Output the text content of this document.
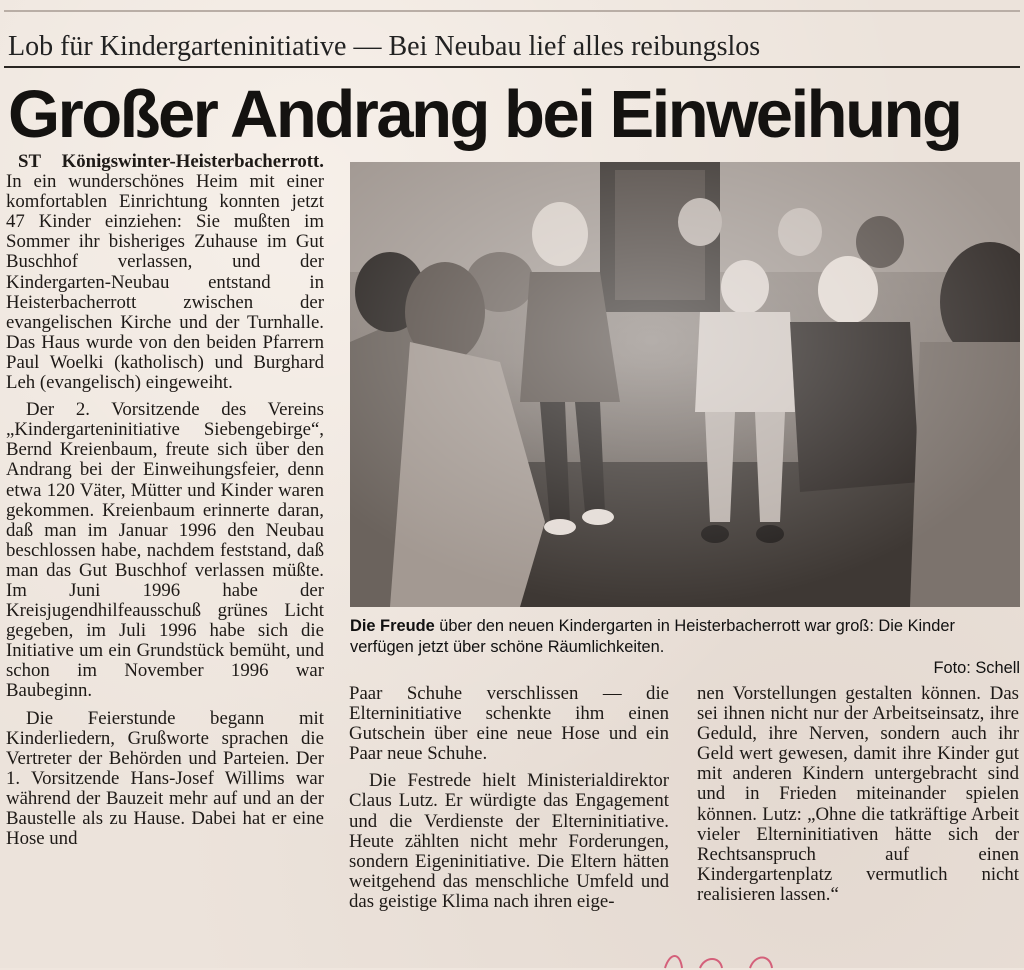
Lob für Kindergarteninitiative — Bei Neubau lief alles reibungslos
Großer Andrang bei Einweihung

ST Königswinter-Heisterbacherrott. In ein wunderschönes Heim mit einer komfortablen Einrichtung konnten jetzt 47 Kinder einziehen: Sie mußten im Sommer ihr bisheriges Zuhause im Gut Buschhof verlassen, und der Kindergarten-Neubau entstand in Heisterbacherrott zwischen der evangelischen Kirche und der Turnhalle. Das Haus wurde von den beiden Pfarrern Paul Woelki (katholisch) und Burghard Leh (evangelisch) eingeweiht.

Der 2. Vorsitzende des Vereins „Kindergarteninitiative Siebengebirge“, Bernd Kreienbaum, freute sich über den Andrang bei der Einweihungsfeier, denn etwa 120 Väter, Mütter und Kinder waren gekommen. Kreienbaum erinnerte daran, daß man im Januar 1996 den Neubau beschlossen habe, nachdem feststand, daß man das Gut Buschhof verlassen müßte. Im Juni 1996 habe der Kreisjugendhilfeausschuß grünes Licht gegeben, im Juli 1996 habe sich die Initiative um ein Grundstück bemüht, und schon im November 1996 war Baubeginn.

Die Feierstunde begann mit Kinderliedern, Grußworte sprachen die Vertreter der Behörden und Parteien. Der 1. Vorsitzende Hans-Josef Willims war während der Bauzeit mehr auf und an der Baustelle als zu Hause. Dabei hat er eine Hose und

Die Freude über den neuen Kindergarten in Heisterbacherrott war groß: Die Kinder verfügen jetzt über schöne Räumlichkeiten.
Foto: Schell

Paar Schuhe verschlissen — die Elterninitiative schenkte ihm einen Gutschein über eine neue Hose und ein Paar neue Schuhe.

Die Festrede hielt Ministerialdirektor Claus Lutz. Er würdigte das Engagement und die Verdienste der Elterninitiative. Heute zählten nicht mehr Forderungen, sondern Eigeninitiative. Die Eltern hätten weitgehend das menschliche Umfeld und das geistige Klima nach ihren eige-

nen Vorstellungen gestalten können. Das sei ihnen nicht nur der Arbeitseinsatz, ihre Geduld, ihre Nerven, sondern auch ihr Geld wert gewesen, damit ihre Kinder gut mit anderen Kindern untergebracht sind und in Frieden miteinander spielen können. Lutz: „Ohne die tatkräftige Arbeit vieler Elterninitiativen hätte sich der Rechtsanspruch auf einen Kindergartenplatz vermutlich nicht realisieren lassen.“
